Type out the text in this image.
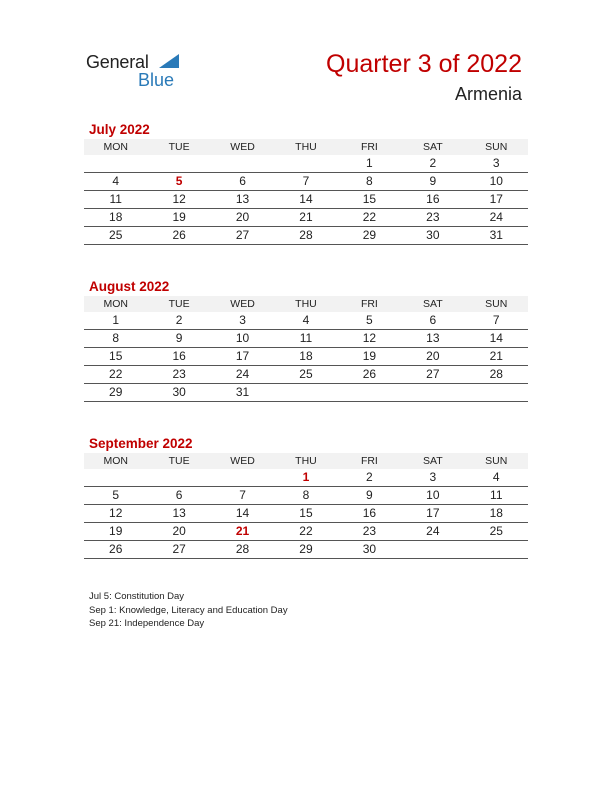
General
Blue
Quarter 3 of 2022
Armenia
July 2022
MON	TUE	WED	THU	FRI	SAT	SUN
				1	2	3
4	5	6	7	8	9	10
11	12	13	14	15	16	17
18	19	20	21	22	23	24
25	26	27	28	29	30	31
August 2022
MON	TUE	WED	THU	FRI	SAT	SUN
1	2	3	4	5	6	7
8	9	10	11	12	13	14
15	16	17	18	19	20	21
22	23	24	25	26	27	28
29	30	31				
September 2022
MON	TUE	WED	THU	FRI	SAT	SUN
			1	2	3	4
5	6	7	8	9	10	11
12	13	14	15	16	17	18
19	20	21	22	23	24	25
26	27	28	29	30		
Jul 5: Constitution Day
Sep 1: Knowledge, Literacy and Education Day
Sep 21: Independence Day
